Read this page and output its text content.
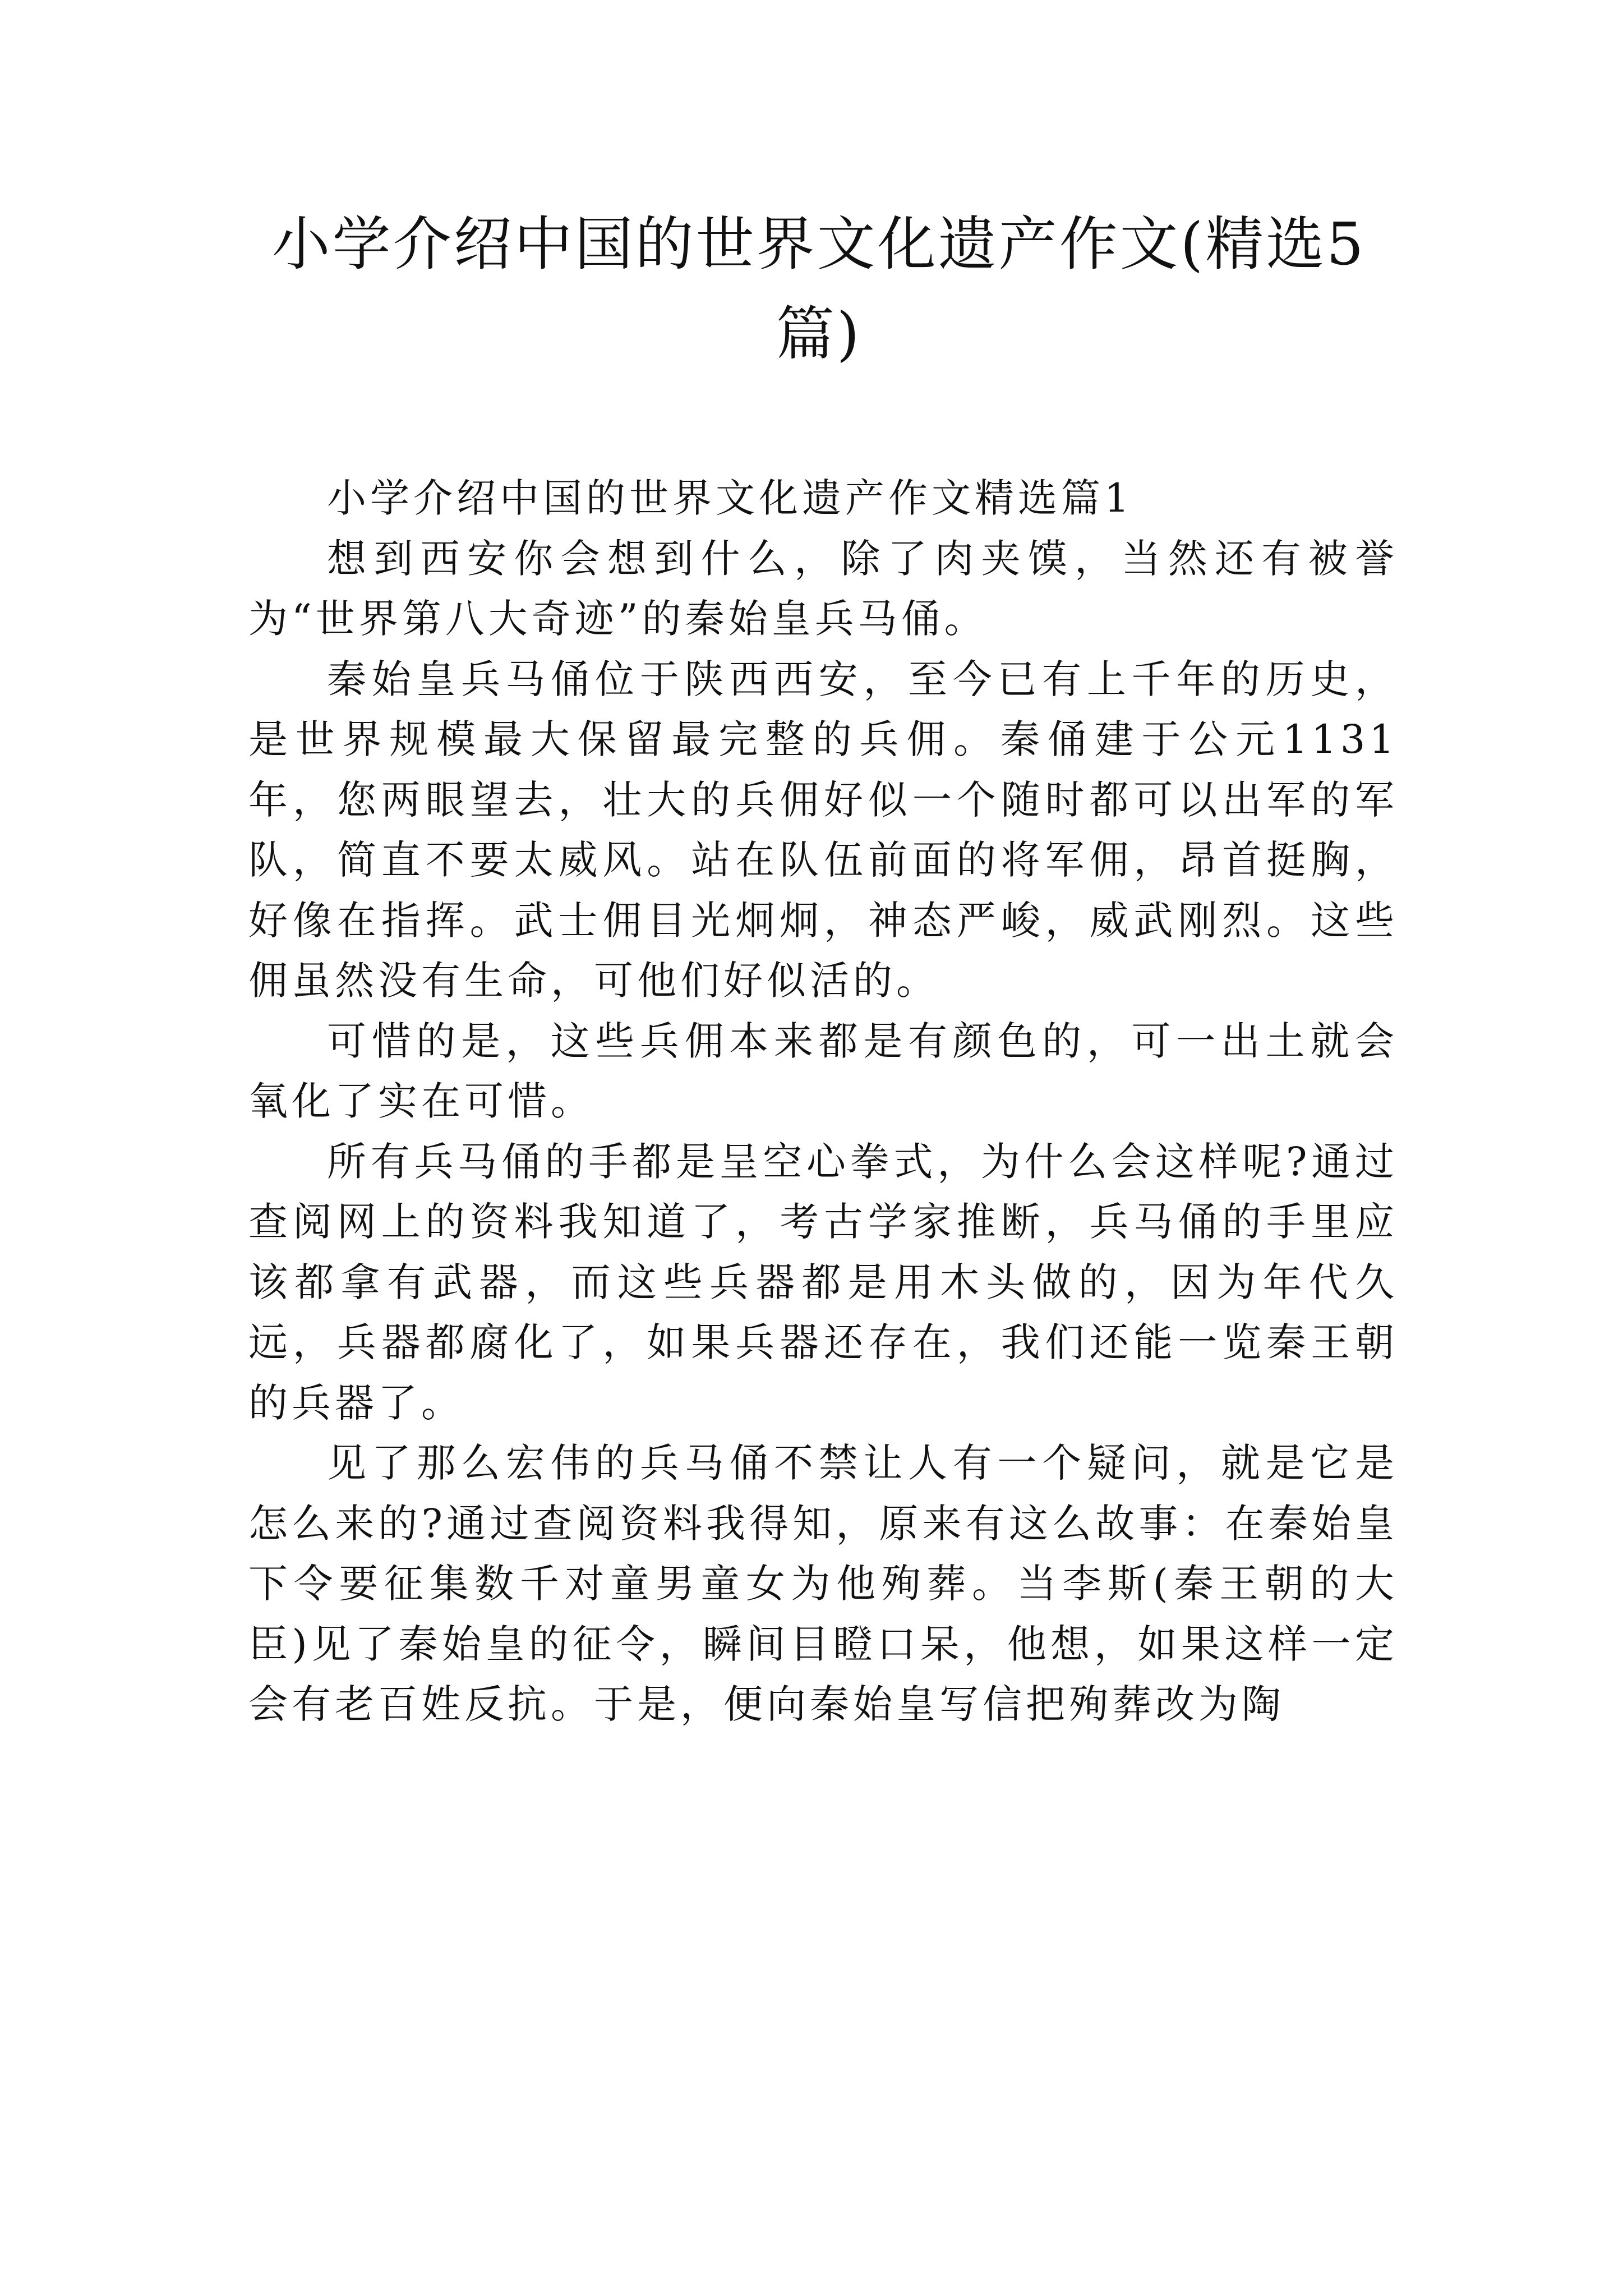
小学介绍中国的世界文化遗产作文(精选5篇)

小学介绍中国的世界文化遗产作文精选篇1

想到西安你会想到什么，除了肉夹馍，当然还有被誉为“世界第八大奇迹”的秦始皇兵马俑。

秦始皇兵马俑位于陕西西安，至今已有上千年的历史，是世界规模最大保留最完整的兵佣。秦俑建于公元1131年，您两眼望去，壮大的兵佣好似一个随时都可以出军的军队，简直不要太威风。站在队伍前面的将军佣，昂首挺胸，好像在指挥。武士佣目光炯炯，神态严峻，威武刚烈。这些佣虽然没有生命，可他们好似活的。

可惜的是，这些兵佣本来都是有颜色的，可一出土就会氧化了实在可惜。

所有兵马俑的手都是呈空心拳式，为什么会这样呢?通过查阅网上的资料我知道了，考古学家推断，兵马俑的手里应该都拿有武器，而这些兵器都是用木头做的，因为年代久远，兵器都腐化了，如果兵器还存在，我们还能一览秦王朝的兵器了。

见了那么宏伟的兵马俑不禁让人有一个疑问，就是它是怎么来的?通过查阅资料我得知，原来有这么故事：在秦始皇下令要征集数千对童男童女为他殉葬。当李斯(秦王朝的大臣)见了秦始皇的征令，瞬间目瞪口呆，他想，如果这样一定会有老百姓反抗。于是，便向秦始皇写信把殉葬改为陶
